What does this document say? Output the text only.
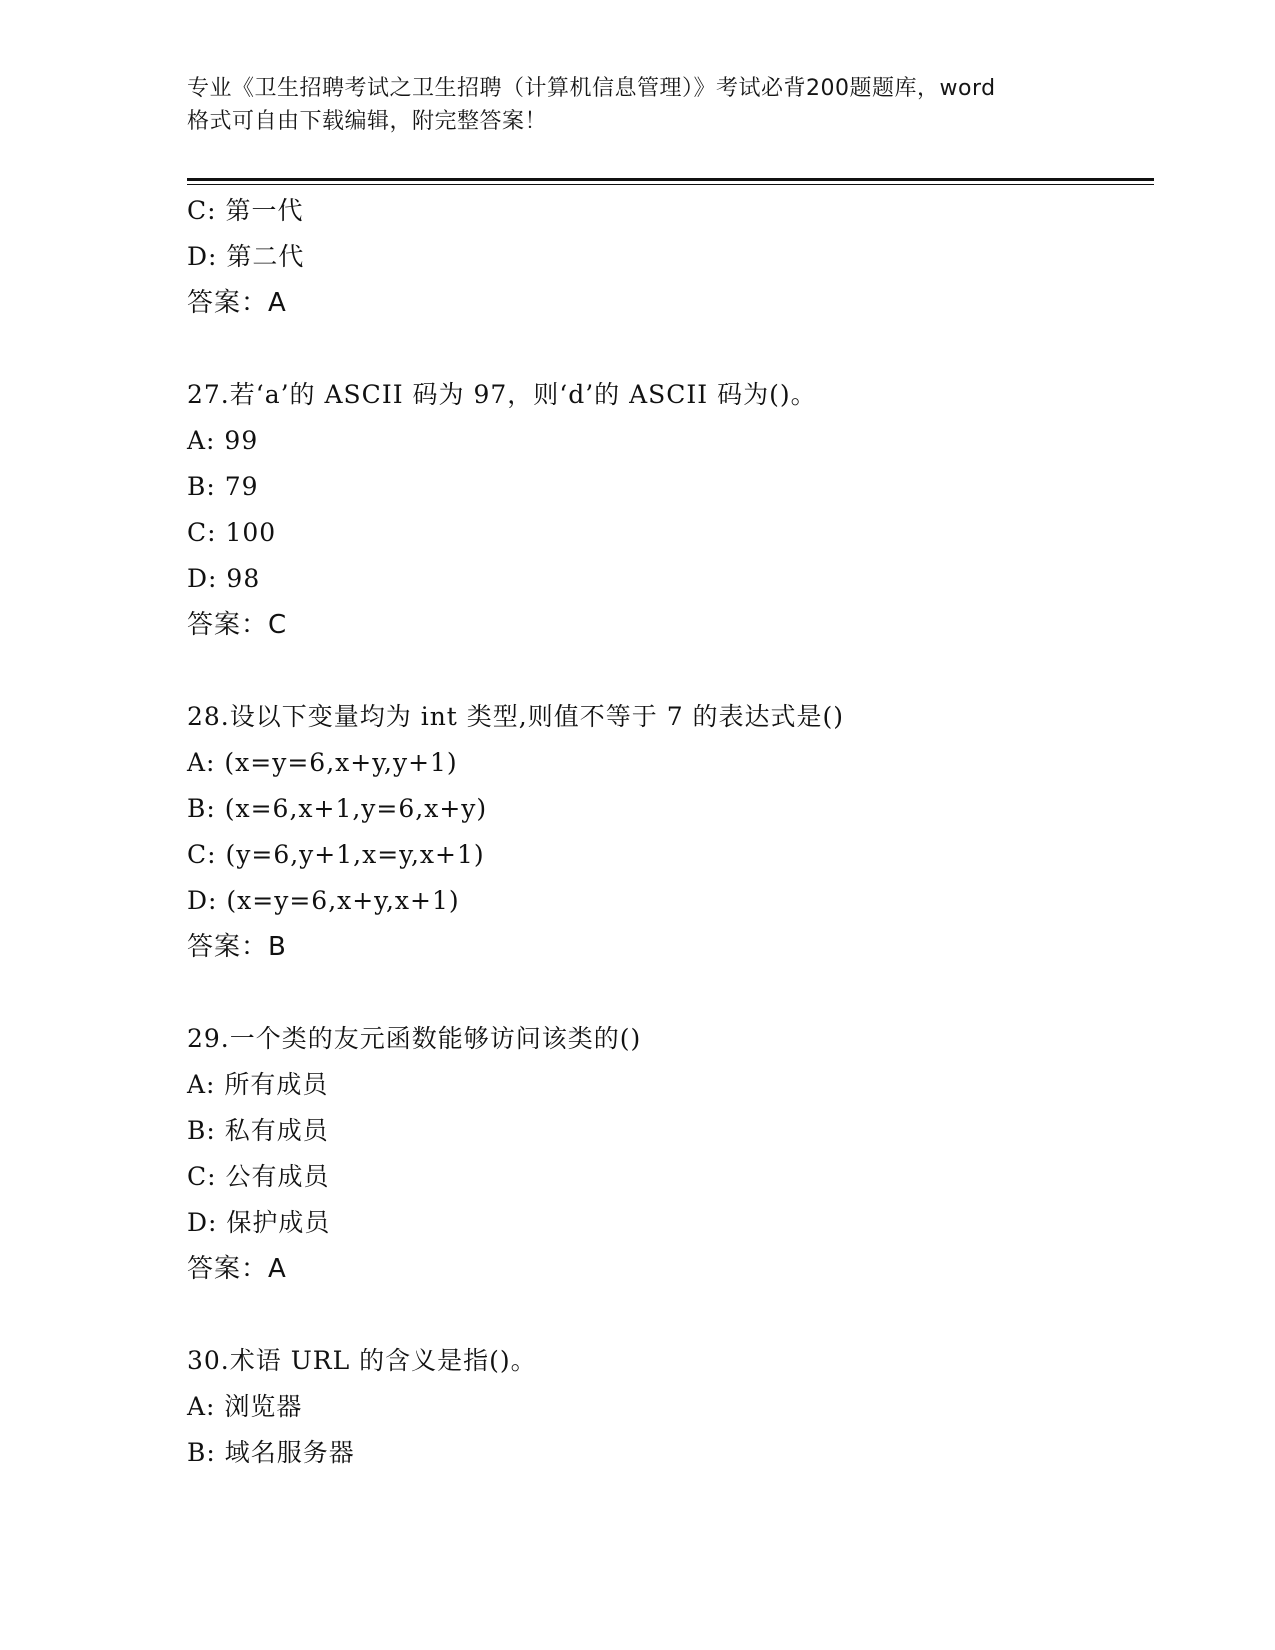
专业《卫生招聘考试之卫生招聘（计算机信息管理）》考试必背200题题库，word
格式可自由下载编辑，附完整答案！
C: 第一代
D: 第二代
答案：A
27.若‘a’的 ASCII 码为 97，则‘d’的 ASCII 码为()。
A: 99
B: 79
C: 100
D: 98
答案：C
28.设以下变量均为 int 类型,则值不等于 7 的表达式是()
A: (x=y=6,x+y,y+1)
B: (x=6,x+1,y=6,x+y)
C: (y=6,y+1,x=y,x+1)
D: (x=y=6,x+y,x+1)
答案：B
29.一个类的友元函数能够访问该类的()
A: 所有成员
B: 私有成员
C: 公有成员
D: 保护成员
答案：A
30.术语 URL 的含义是指()。
A: 浏览器
B: 域名服务器
